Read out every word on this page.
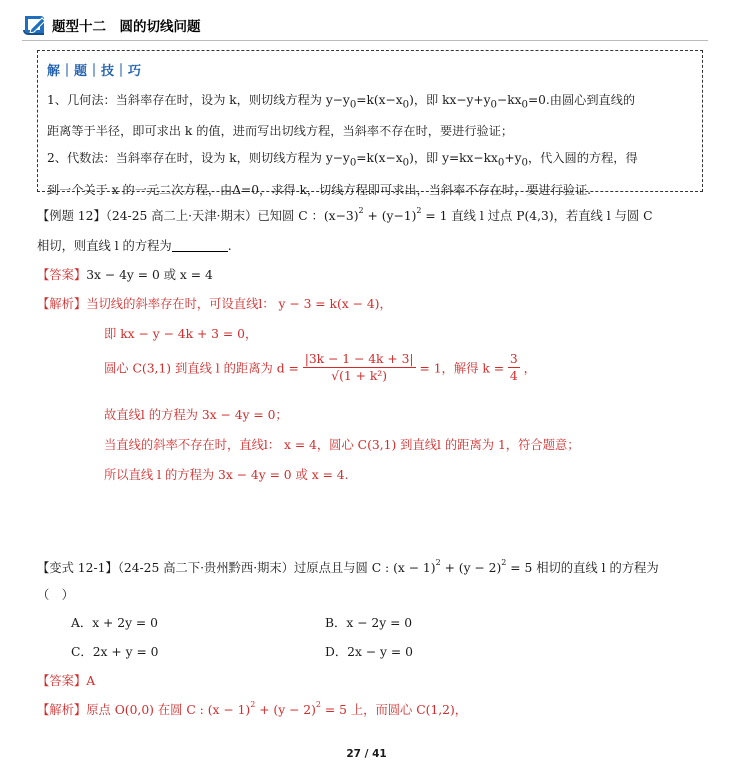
题型十二　圆的切线问题
解｜题｜技｜巧
1、几何法：当斜率存在时，设为 k，则切线方程为 $y-y_0=k(x-x_0)$，即 $kx-y+y_0-kx_0=0$.由圆心到直线的
距离等于半径，即可求出 k 的值，进而写出切线方程，当斜率不存在时，要进行验证；
2、代数法：当斜率存在时，设为 k，则切线方程为 $y-y_0=k(x-x_0)$，即 $y=kx-kx_0+y_0$，代入圆的方程，得
到一个关于 x 的一元二次方程，由Δ=0，求得 k，切线方程即可求出，当斜率不存在时，要进行验证.
【例题 12】（24-25 高二上·天津·期末）已知圆 C ：$(x-3)^2 + (y-1)^2 = 1$ 直线 l 过点 P(4,3)，若直线 l 与圆 C
相切，则直线 l 的方程为	.
【答案】3x − 4y = 0 或 x = 4
【解析】当切线的斜率存在时，可设直线l： y − 3 = k(x − 4)，
即 kx − y − 4k + 3 = 0，
圆心 C(3,1) 到直线 l 的距离为 $d = \frac{|3k - 1 - 4k + 3|}{\text{√(1 + k²)}} = 1$，解得 $k = \frac{3}{4}$ ，
故直线l 的方程为 3x − 4y = 0；
当直线的斜率不存在时，直线l： x = 4，圆心 C(3,1) 到直线l 的距离为 1，符合题意；
所以直线 l 的方程为 3x − 4y = 0 或 x = 4.
【变式 12-1】（24-25 高二下·贵州黔西·期末）过原点且与圆 C : $(x - 1)^2 + (y - 2)^2 = 5$ 相切的直线 l 的方程为
（　）
A．x + 2y = 0	B．x − 2y = 0
C．2x + y = 0	D．2x − y = 0
【答案】A
【解析】原点 O(0,0) 在圆 C : $(x - 1)^2 + (y - 2)^2 = 5$ 上，而圆心 C(1,2)，
27 / 41
